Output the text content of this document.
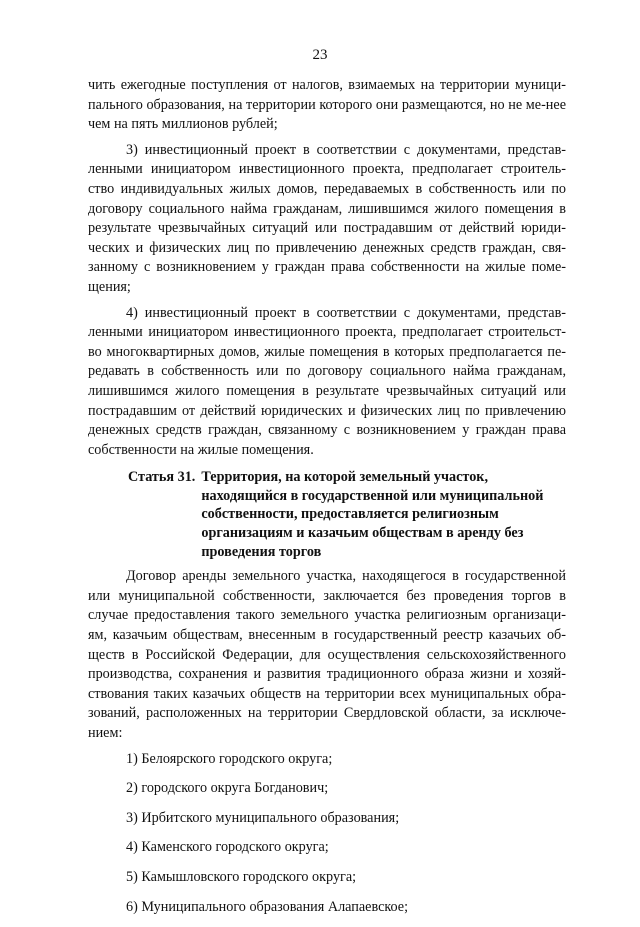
23

чить ежегодные поступления от налогов, взимаемых на территории муници-пального образования, на территории которого они размещаются, но не ме-нее чем на пять миллионов рублей;

3) инвестиционный проект в соответствии с документами, представ-ленными инициатором инвестиционного проекта, предполагает строитель-ство индивидуальных жилых домов, передаваемых в собственность или по договору социального найма гражданам, лишившимся жилого помещения в результате чрезвычайных ситуаций или пострадавшим от действий юриди-ческих и физических лиц по привлечению денежных средств граждан, свя-занному с возникновением у граждан права собственности на жилые поме-щения;

4) инвестиционный проект в соответствии с документами, представ-ленными инициатором инвестиционного проекта, предполагает строительст-во многоквартирных домов, жилые помещения в которых предполагается пе-редавать в собственность или по договору социального найма гражданам, лишившимся жилого помещения в результате чрезвычайных ситуаций или пострадавшим от действий юридических и физических лиц по привлечению денежных средств граждан, связанному с возникновением у граждан права собственности на жилые помещения.

Статья 31. Территория, на которой земельный участок, находящийся в государственной или муниципальной собственности, предоставляется религиозным организациям и казачьим обществам в аренду без проведения торгов

Договор аренды земельного участка, находящегося в государственной или муниципальной собственности, заключается без проведения торгов в случае предоставления такого земельного участка религиозным организаци-ям, казачьим обществам, внесенным в государственный реестр казачьих об-ществ в Российской Федерации, для осуществления сельскохозяйственного производства, сохранения и развития традиционного образа жизни и хозяй-ствования таких казачьих обществ на территории всех муниципальных обра-зований, расположенных на территории Свердловской области, за исключе-нием:

1) Белоярского городского округа;
2) городского округа Богданович;
3) Ирбитского муниципального образования;
4) Каменского городского округа;
5) Камышловского городского округа;
6) Муниципального образования Алапаевское;
